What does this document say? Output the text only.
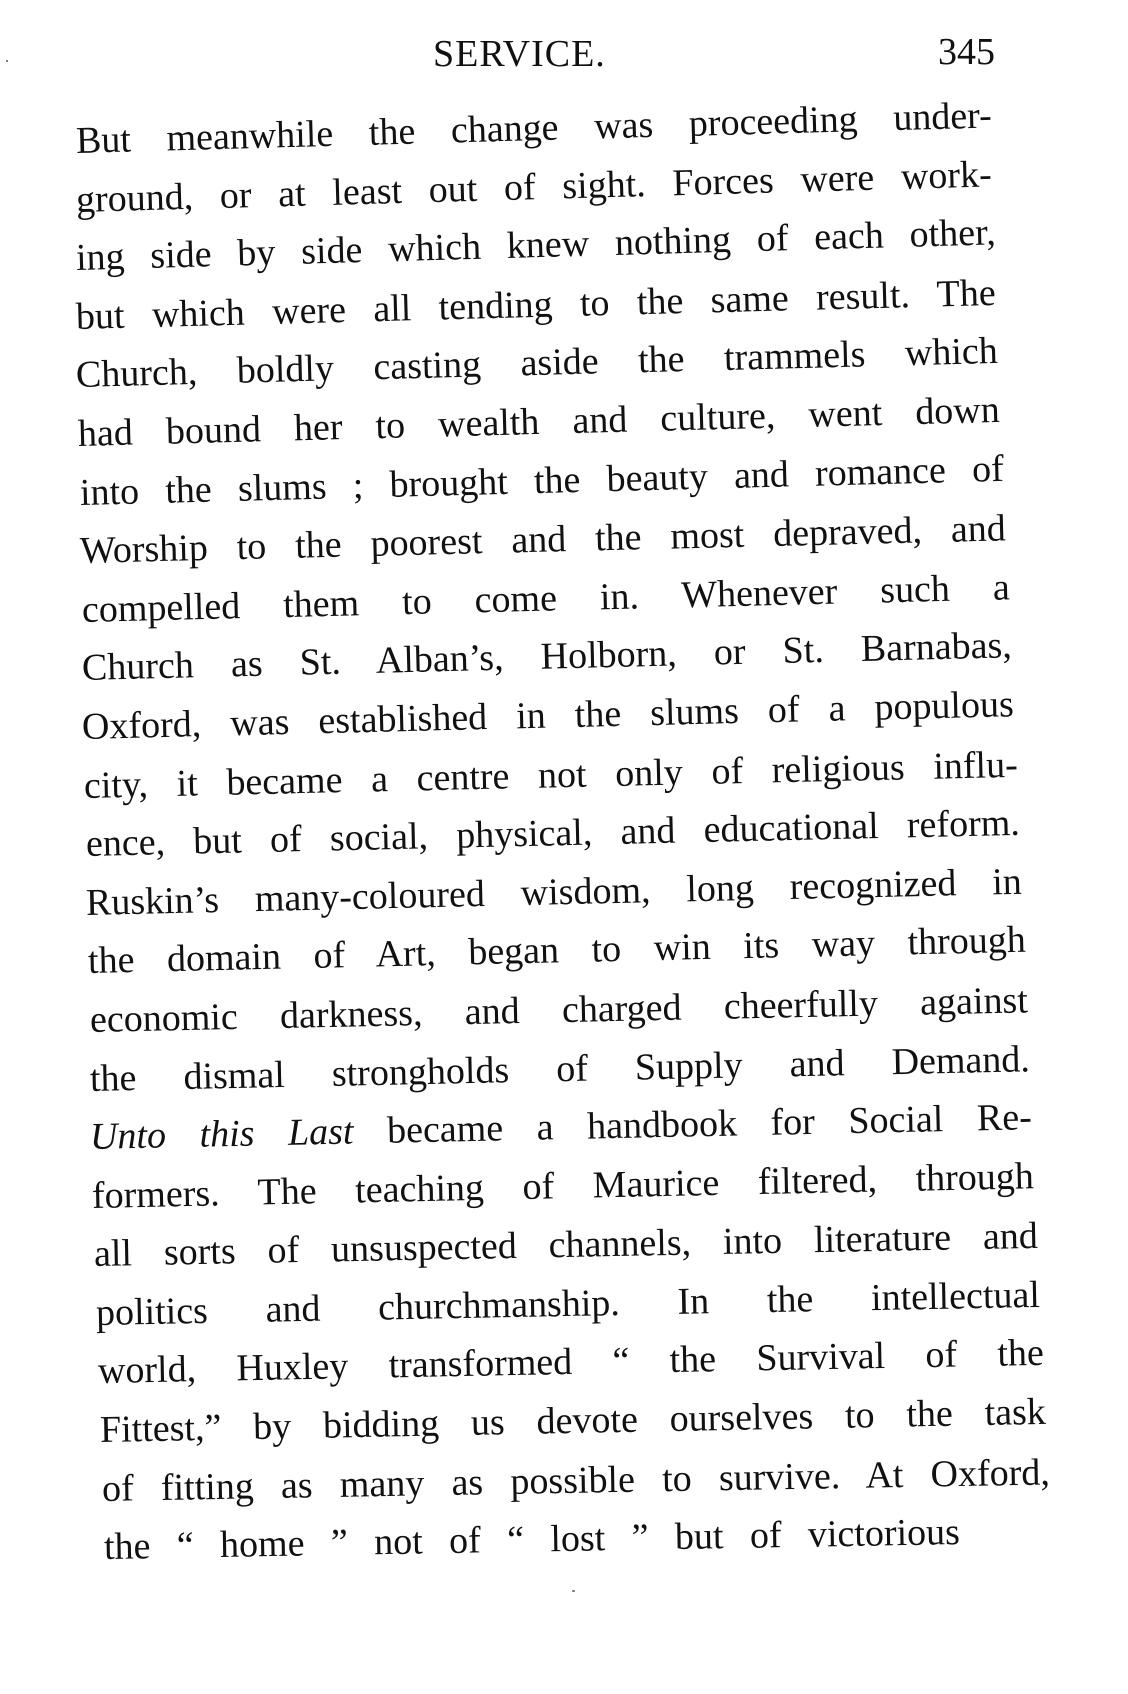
SERVICE.	345
But meanwhile the change was proceeding under-
ground, or at least out of sight. Forces were work-
ing side by side which knew nothing of each other,
but which were all tending to the same result. The
Church, boldly casting aside the trammels which
had bound her to wealth and culture, went down
into the slums ; brought the beauty and romance of
Worship to the poorest and the most depraved, and
compelled them to come in. Whenever such a
Church as St. Alban’s, Holborn, or St. Barnabas,
Oxford, was established in the slums of a populous
city, it became a centre not only of religious influ-
ence, but of social, physical, and educational reform.
Ruskin’s many-coloured wisdom, long recognized in
the domain of Art, began to win its way through
economic darkness, and charged cheerfully against
the dismal strongholds of Supply and Demand.
Unto this Last became a handbook for Social Re-
formers. The teaching of Maurice filtered, through
all sorts of unsuspected channels, into literature and
politics and churchmanship. In the intellectual
world, Huxley transformed “ the Survival of the
Fittest,” by bidding us devote ourselves to the task
of fitting as many as possible to survive. At Oxford,
the “ home ” not of “ lost ” but of victorious
